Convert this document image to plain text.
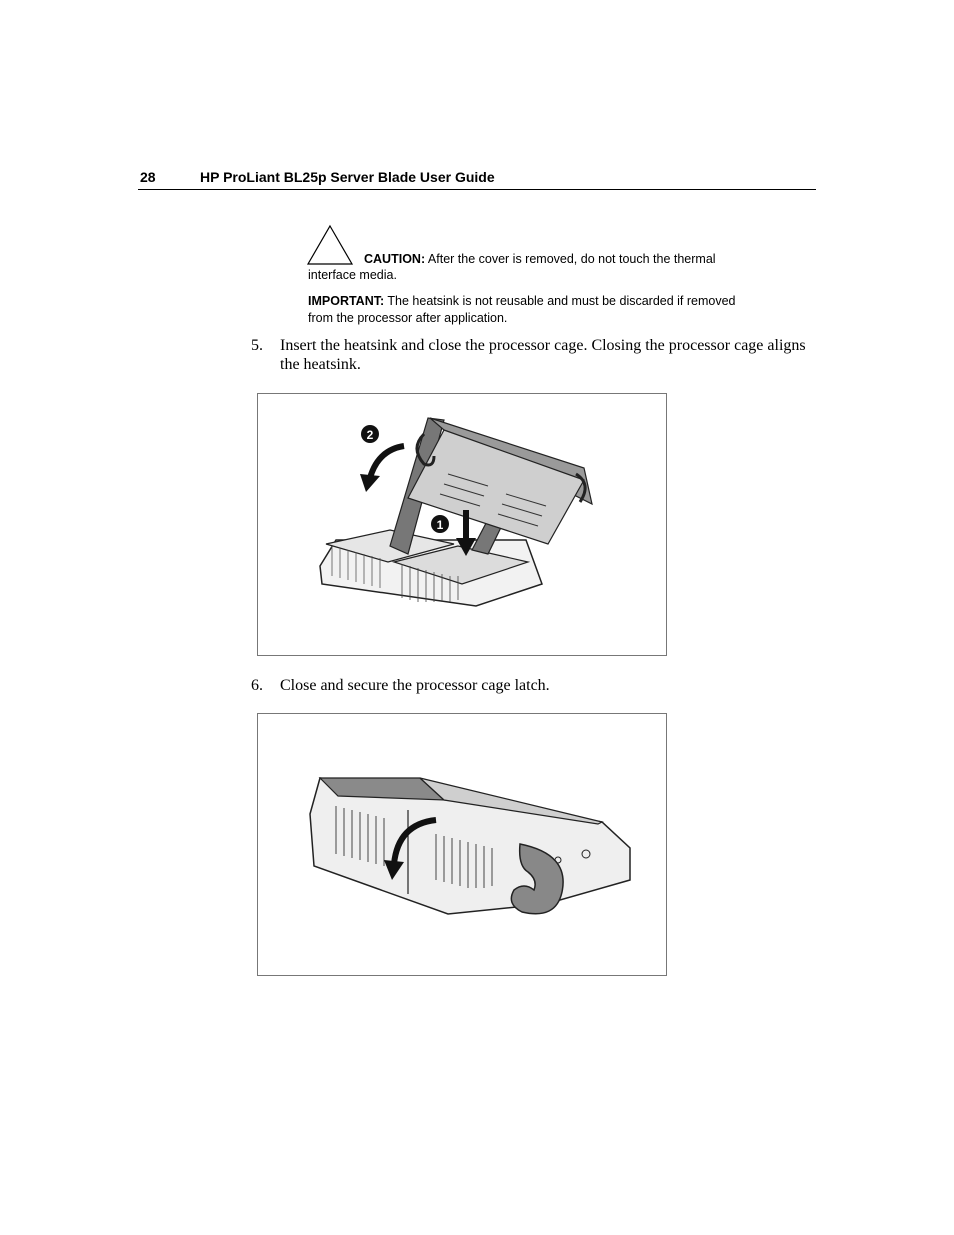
28	HP ProLiant BL25p Server Blade User Guide
CAUTION: After the cover is removed, do not touch the thermal interface media.
IMPORTANT: The heatsink is not reusable and must be discarded if removed from the processor after application.
5. Insert the heatsink and close the processor cage. Closing the processor cage aligns the heatsink.
1
2
6. Close and secure the processor cage latch.
